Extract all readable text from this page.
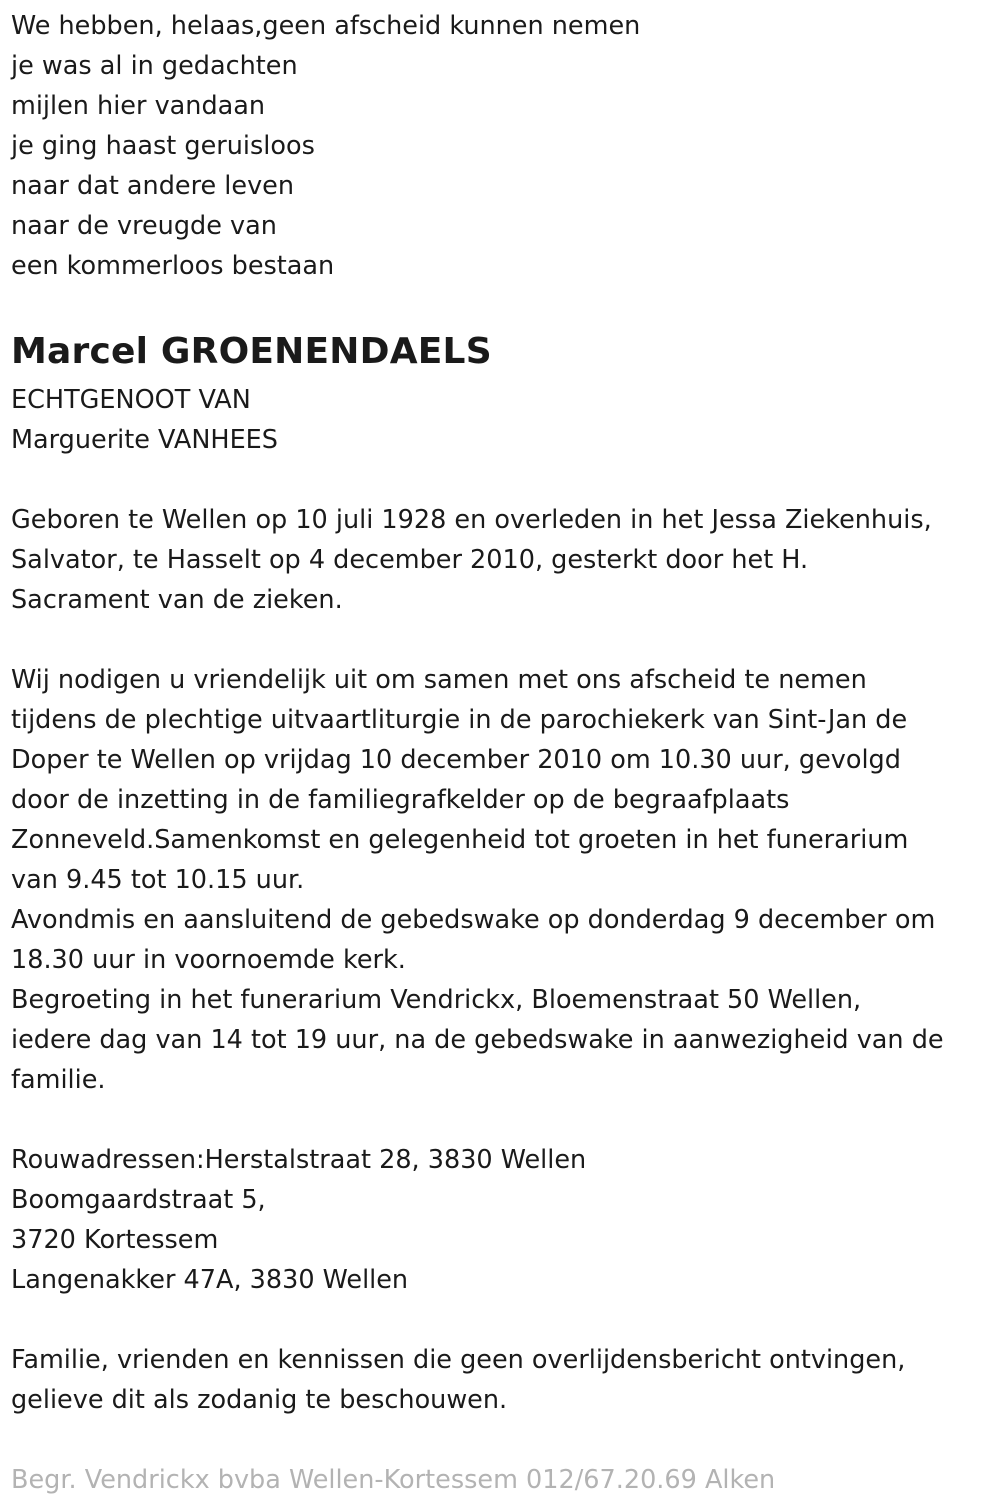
We hebben, helaas,geen afscheid kunnen nemen

je was al in gedachten

mijlen hier vandaan

je ging haast geruisloos

naar dat andere leven

naar de vreugde van

een kommerloos bestaan

Marcel GROENENDAELS

ECHTGENOOT VAN

Marguerite VANHEES

Geboren te Wellen op 10 juli 1928 en overleden in het Jessa Ziekenhuis,

Salvator, te Hasselt op 4 december 2010, gesterkt door het H.

Sacrament van de zieken.

Wij nodigen u vriendelijk uit om samen met ons afscheid te nemen

tijdens de plechtige uitvaartliturgie in de parochiekerk van Sint-Jan de

Doper te Wellen op vrijdag 10 december 2010 om 10.30 uur, gevolgd

door de inzetting in de familiegrafkelder op de begraafplaats

Zonneveld.Samenkomst en gelegenheid tot groeten in het funerarium

van 9.45 tot 10.15 uur.

Avondmis en aansluitend de gebedswake op donderdag 9 december om

18.30 uur in voornoemde kerk.

Begroeting in het funerarium Vendrickx, Bloemenstraat 50 Wellen,

iedere dag van 14 tot 19 uur, na de gebedswake in aanwezigheid van de

familie.

Rouwadressen:Herstalstraat 28, 3830 Wellen

Boomgaardstraat 5,

3720 Kortessem

Langenakker 47A, 3830 Wellen

Familie, vrienden en kennissen die geen overlijdensbericht ontvingen,

gelieve dit als zodanig te beschouwen.

Begr. Vendrickx bvba Wellen-Kortessem 012/67.20.69 Alken
